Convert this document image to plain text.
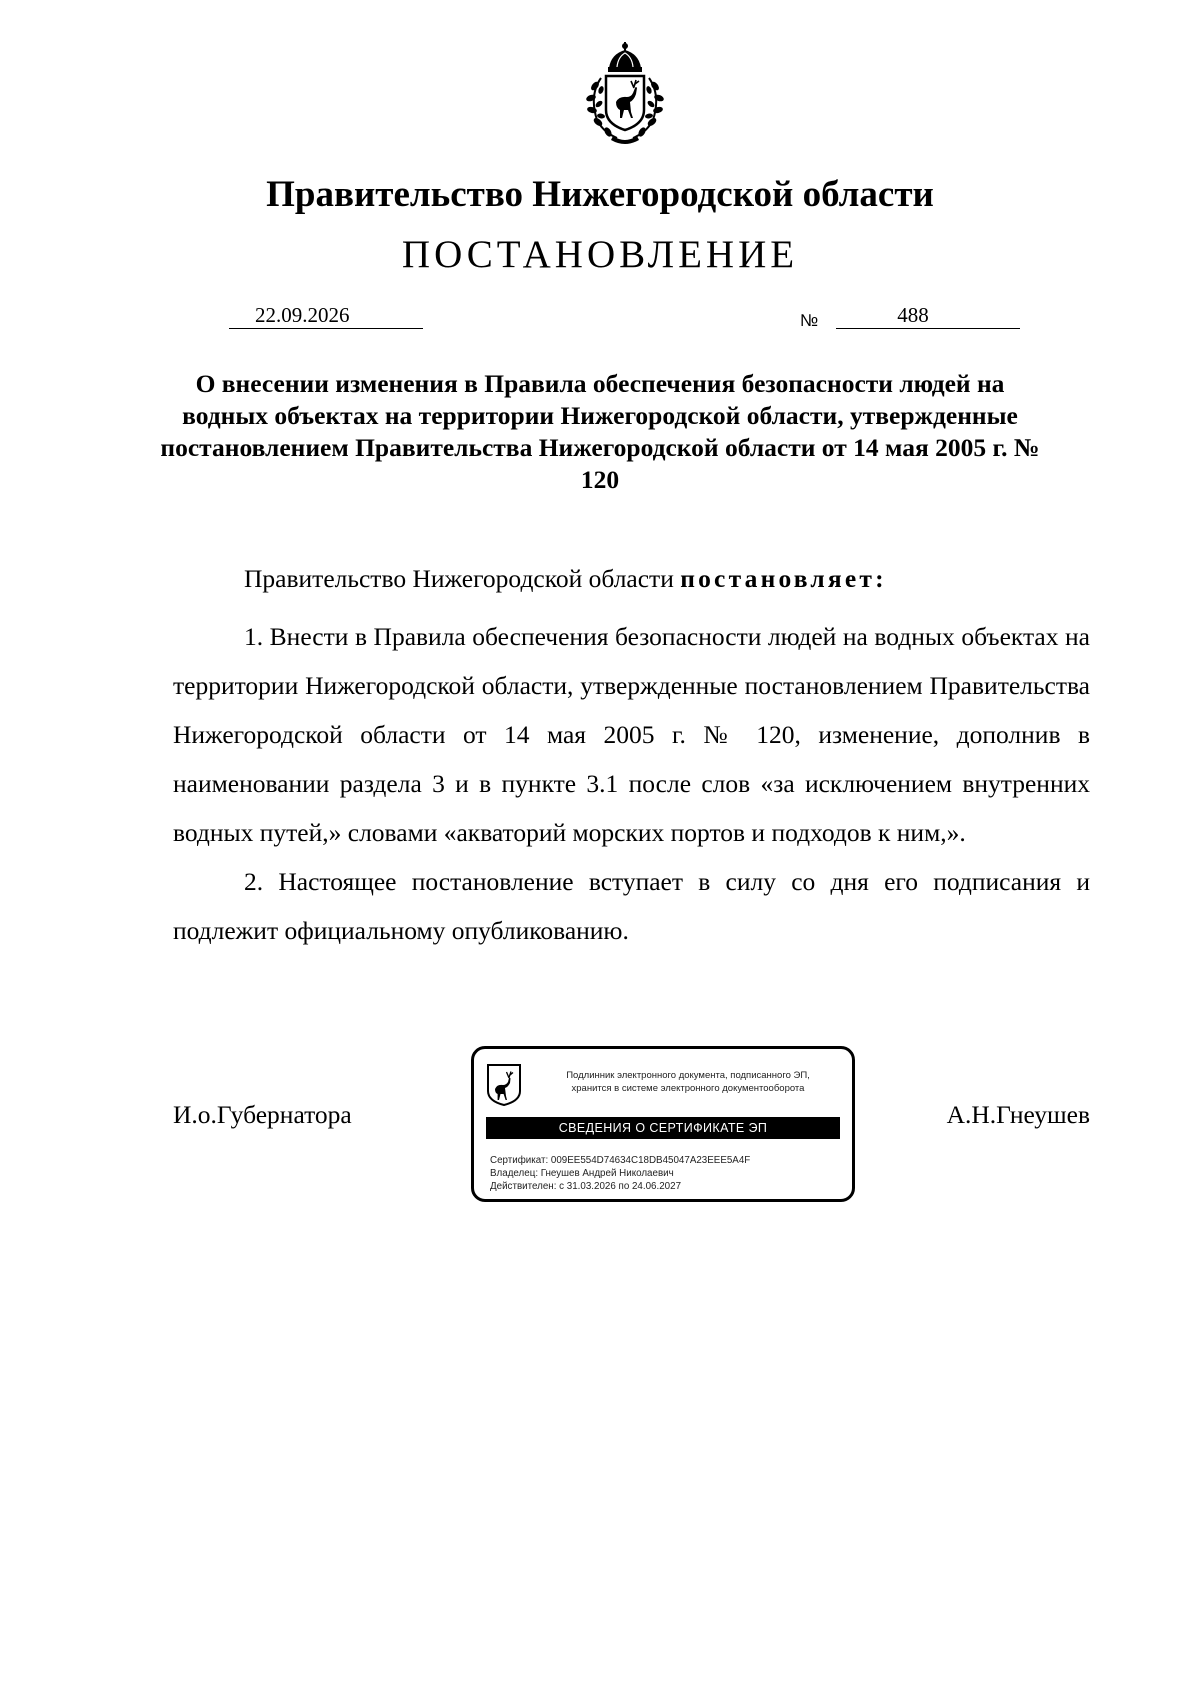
Правительство Нижегородской области
ПОСТАНОВЛЕНИЕ
22.09.2026	№	488
О внесении изменения в Правила обеспечения безопасности людей на водных объектах на территории Нижегородской области, утвержденные постановлением Правительства Нижегородской области от 14 мая 2005 г. № 120

Правительство Нижегородской области постановляет:

1. Внести в Правила обеспечения безопасности людей на водных объектах на территории Нижегородской области, утвержденные постановлением Правительства Нижегородской области от 14 мая 2005 г. № 120, изменение, дополнив в наименовании раздела 3 и в пункте 3.1 после слов «за исключением внутренних водных путей,» словами «акваторий морских портов и подходов к ним,».

2. Настоящее постановление вступает в силу со дня его подписания и подлежит официальному опубликованию.

И.о.Губернатора	А.Н.Гнеушев
Подлинник электронного документа, подписанного ЭП,
хранится в системе электронного документооборота
СВЕДЕНИЯ О СЕРТИФИКАТЕ ЭП
Сертификат: 009EE554D74634C18DB45047A23EEE5A4F
Владелец: Гнеушев Андрей Николаевич
Действителен: с 31.03.2026 по 24.06.2027
